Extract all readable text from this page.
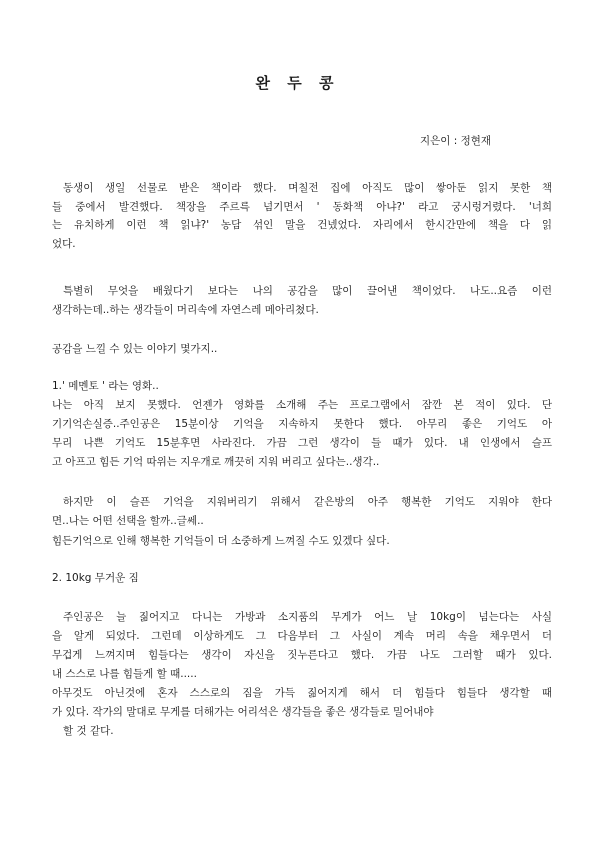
완 두 콩
지은이 : 정현재
동생이 생일 선물로 받은 책이라 했다. 며칠전 집에 아직도 많이 쌓아둔 읽지 못한 책
들 중에서 발견했다. 책장을 주르륵 넘기면서 ' 동화책 아냐?' 라고 궁시렁거렸다. '너희
는 유치하게 이런 책 읽냐?' 농담 섞인 말을 건넸었다. 자리에서 한시간만에 책을 다 읽
었다.
특별히 무엇을 배웠다기 보다는 나의 공감을 많이 끌어낸 책이었다. 나도..요즘 이런
생각하는데..하는 생각들이 머리속에 자연스레 메아리쳤다.
공감을 느낄 수 있는 이야기 몇가지..
1.' 메멘토 ' 라는 영화..
나는 아직 보지 못했다. 언젠가 영화를 소개해 주는 프로그램에서 잠깐 본 적이 있다. 단
기기억손실증..주인공은 15분이상 기억을 지속하지 못한다 했다. 아무리 좋은 기억도 아
무리 나쁜 기억도 15분후면 사라진다. 가끔 그런 생각이 들 때가 있다. 내 인생에서 슬프
고 아프고 힘든 기억 따위는 지우개로 깨끗히 지워 버리고 싶다는..생각..
하지만 이 슬픈 기억을 지워버리기 위해서 같은방의 아주 행복한 기억도 지워야 한다
면..나는 어떤 선택을 할까..글쎄..
힘든기억으로 인해 행복한 기억들이 더 소중하게 느껴질 수도 있겠다 싶다.
2. 10kg 무거운 짐
주인공은 늘 짊어지고 다니는 가방과 소지품의 무게가 어느 날 10kg이 넘는다는 사실
을 알게 되었다. 그런데 이상하게도 그 다음부터 그 사실이 계속 머리 속을 채우면서 더
무겁게 느껴지며 힘들다는 생각이 자신을 짓누른다고 했다. 가끔 나도 그러할 때가 있다.
내 스스로 나를 힘들게 할 때.....
아무것도 아닌것에 혼자 스스로의 짐을 가득 짊어지게 해서 더 힘들다 힘들다 생각할 때
가 있다. 작가의 말대로 무게를 더해가는 어리석은 생각들을 좋은 생각들로 밀어내야
할 것 같다.
